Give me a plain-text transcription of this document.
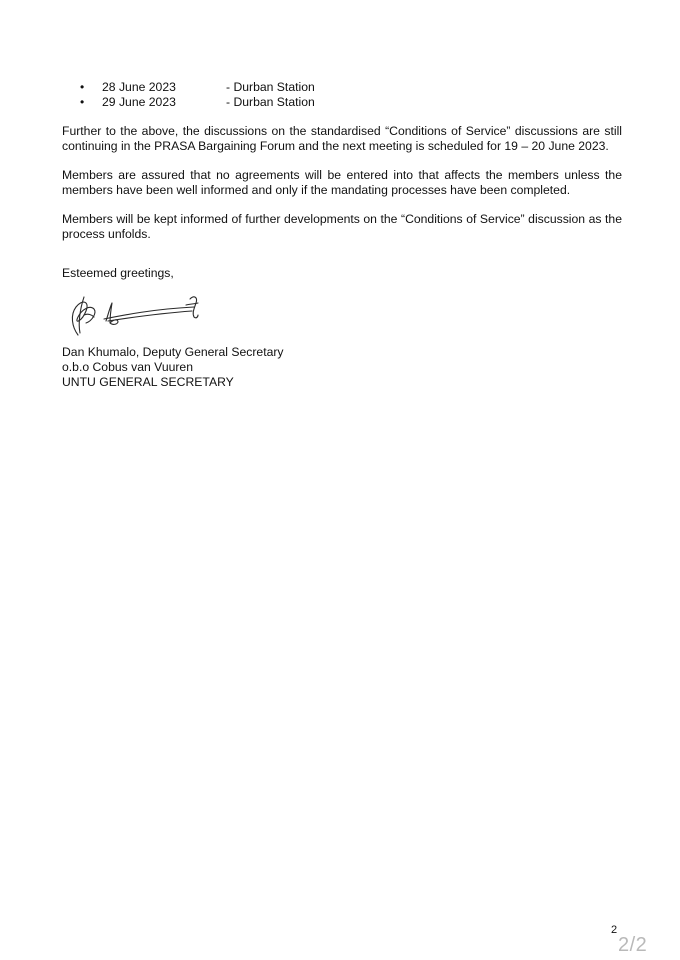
•	28 June 2023	- Durban Station
•	29 June 2023	- Durban Station

Further to the above, the discussions on the standardised “Conditions of Service” discussions are still continuing in the PRASA Bargaining Forum and the next meeting is scheduled for 19 – 20 June 2023.

Members are assured that no agreements will be entered into that affects the members unless the members have been well informed and only if the mandating processes have been completed.

Members will be kept informed of further developments on the “Conditions of Service” discussion as the process unfolds.

Esteemed greetings,

Dan Khumalo, Deputy General Secretary

o.b.o Cobus van Vuuren

UNTU GENERAL SECRETARY

2
2/2
